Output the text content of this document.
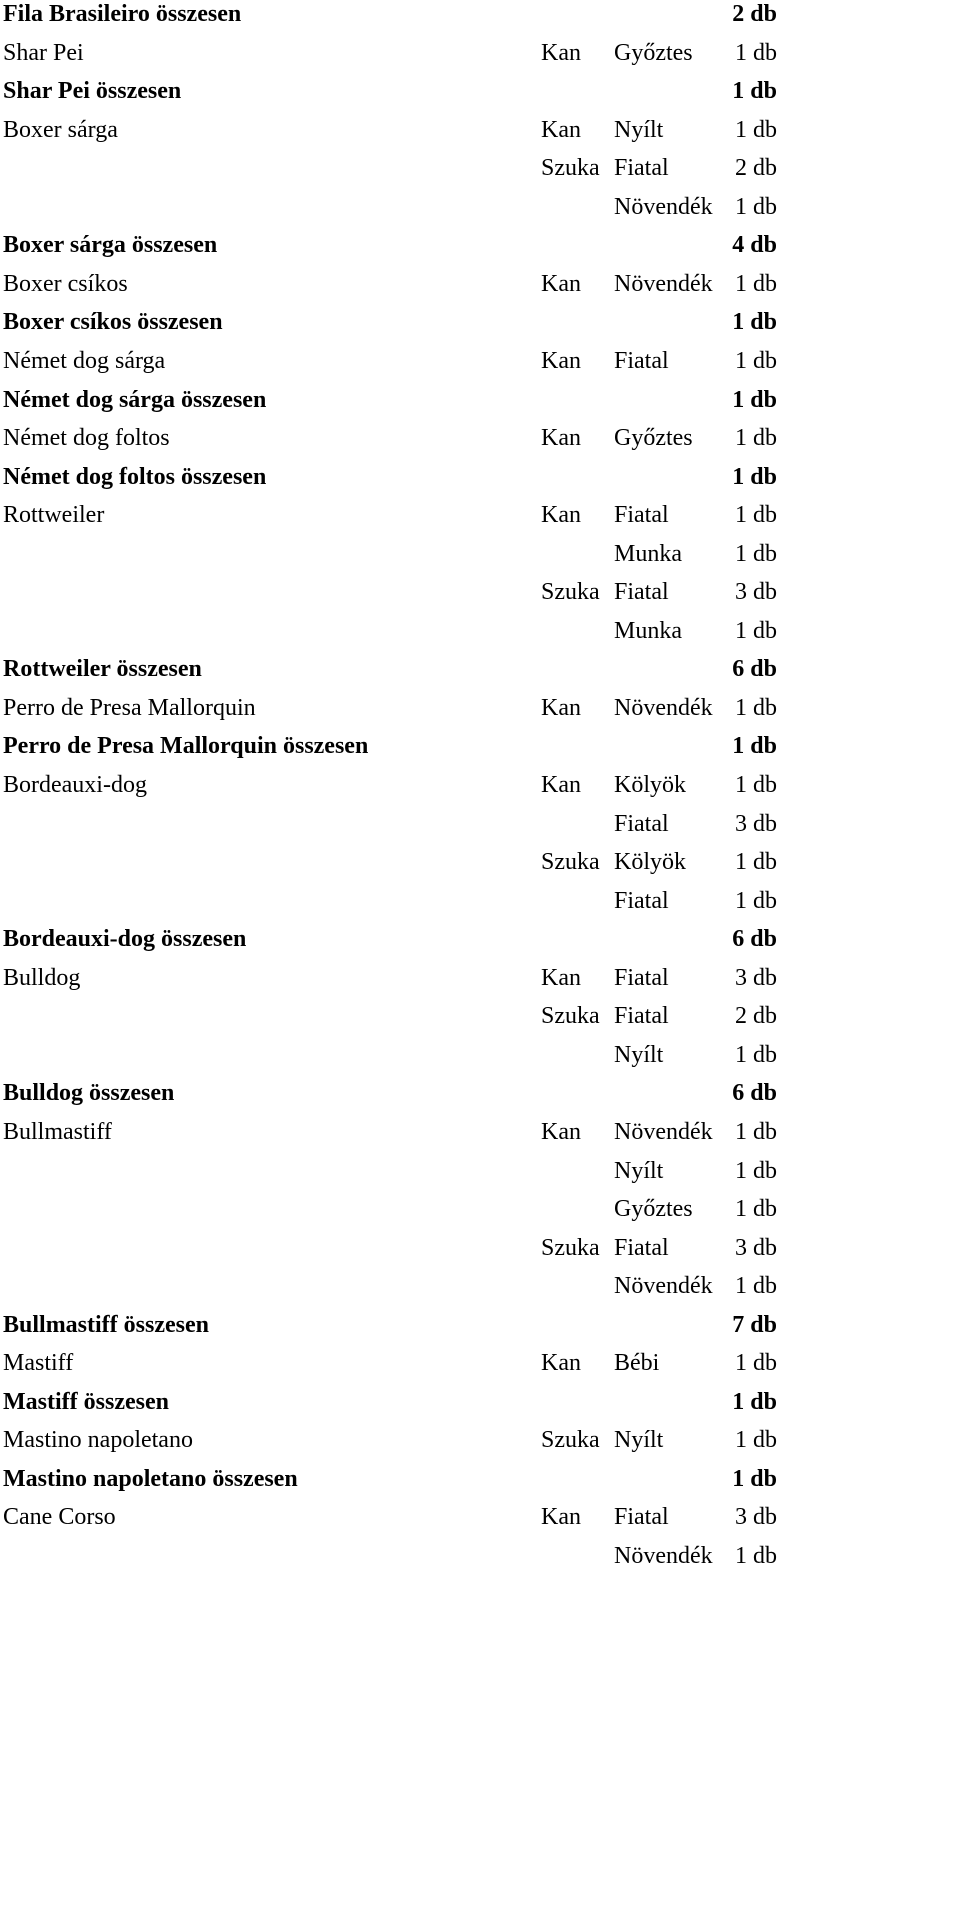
Fila Brasileiro összesen	2 db
Shar Pei	Kan Győztes 1 db
Shar Pei összesen	1 db
Boxer sárga	Kan Nyílt	1 db
Szuka Fiatal	2 db
Növendék 1 db
Boxer sárga összesen	4 db
Boxer csíkos	Kan Növendék 1 db
Boxer csíkos összesen	1 db
Német dog sárga	Kan Fiatal	1 db
Német dog sárga összesen	1 db
Német dog foltos	Kan Győztes 1 db
Német dog foltos összesen	1 db
Rottweiler	Kan Fiatal	1 db
Munka 1 db
Szuka Fiatal	3 db
Munka 1 db
Rottweiler összesen	6 db
Perro de Presa Mallorquin	Kan Növendék 1 db
Perro de Presa Mallorquin összesen	1 db
Bordeauxi-dog	Kan Kölyök 1 db
Fiatal	3 db
Szuka Kölyök 1 db
Fiatal	1 db
Bordeauxi-dog összesen	6 db
Bulldog	Kan Fiatal	3 db
Szuka Fiatal	2 db
Nyílt	1 db
Bulldog összesen	6 db
Bullmastiff	Kan Növendék 1 db
Nyílt	1 db
Győztes 1 db
Szuka Fiatal	3 db
Növendék 1 db
Bullmastiff összesen	7 db
Mastiff	Kan Bébi	1 db
Mastiff összesen	1 db
Mastino napoletano	Szuka Nyílt	1 db
Mastino napoletano összesen	1 db
Cane Corso	Kan Fiatal	3 db
Növendék 1 db
